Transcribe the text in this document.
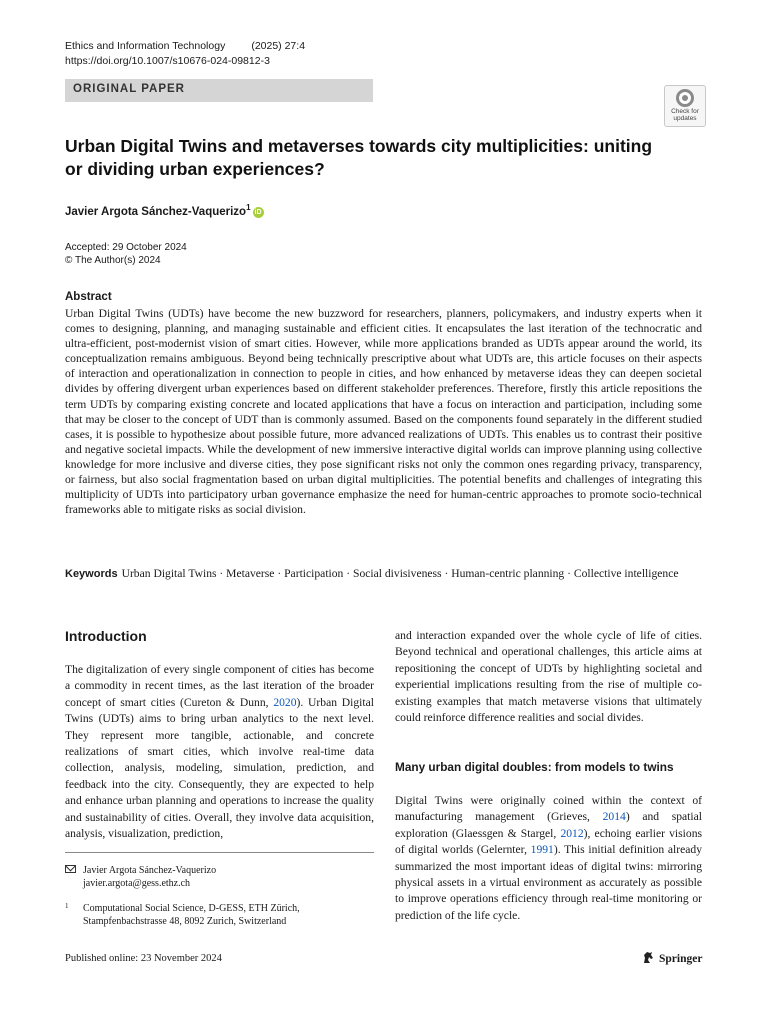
Ethics and Information Technology (2025) 27:4
https://doi.org/10.1007/s10676-024-09812-3
ORIGINAL PAPER
Check for
updates
Urban Digital Twins and metaverses towards city multiplicities: uniting or dividing urban experiences?
Javier Argota Sánchez-Vaquerizo$^1$iD
Accepted: 29 October 2024
© The Author(s) 2024
Abstract
Urban Digital Twins (UDTs) have become the new buzzword for researchers, planners, policymakers, and industry experts when it comes to designing, planning, and managing sustainable and efficient cities. It encapsulates the last iteration of the technocratic and ultra-efficient, post-modernist vision of smart cities. However, while more applications branded as UDTs appear around the world, its conceptualization remains ambiguous. Beyond being technically prescriptive about what UDTs are, this article focuses on their aspects of interaction and operationalization in connection to people in cities, and how enhanced by metaverse ideas they can deepen societal divides by offering divergent urban experiences based on different stakeholder preferences. Therefore, firstly this article repositions the term UDTs by comparing existing concrete and located applications that have a focus on interaction and participation, including some that may be closer to the concept of UDT than is commonly assumed. Based on the components found separately in the different studied cases, it is possible to hypothesize about possible future, more advanced realizations of UDTs. This enables us to contrast their positive and negative societal impacts. While the development of new immersive interactive digital worlds can improve planning using collective knowledge for more inclusive and diverse cities, they pose significant risks not only the common ones regarding privacy, transparency, or fairness, but also social fragmentation based on urban digital multiplicities. The potential benefits and challenges of integrating this multiplicity of UDTs into participatory urban governance emphasize the need for human-centric approaches to promote socio-technical frameworks able to mitigate risks as social division.
Keywords Urban Digital Twins · Metaverse · Participation · Social divisiveness · Human-centric planning · Collective intelligence
Introduction
The digitalization of every single component of cities has become a commodity in recent times, as the last iteration of the broader concept of smart cities (Cureton & Dunn, 2020). Urban Digital Twins (UDTs) aims to bring urban analytics to the next level. They represent more tangible, actionable, and concrete realizations of smart cities, which involve real-time data collection, analysis, modeling, simulation, prediction, and feedback into the city. Consequently, they are expected to help and enhance urban planning and operations to increase the quality and sustainability of cities. Overall, they involve data acquisition, analysis, visualization, prediction,
and interaction expanded over the whole cycle of life of cities. Beyond technical and operational challenges, this article aims at repositioning the concept of UDTs by highlighting societal and experiential implications resulting from the rise of multiple co-existing examples that match metaverse visions that ultimately could reinforce difference realities and social divides.
Many urban digital doubles: from models to twins
Digital Twins were originally coined within the context of manufacturing management (Grieves, 2014) and spatial exploration (Glaessgen & Stargel, 2012), echoing earlier visions of digital worlds (Gelernter, 1991). This initial definition already summarized the most important ideas of digital twins: mirroring physical assets in a virtual environment as accurately as possible to improve operations efficiency through real-time monitoring or prediction of the life cycle.
Javier Argota Sánchez-Vaquerizo
javier.argota@gess.ethz.ch
1 Computational Social Science, D-GESS, ETH Zürich,
Stampfenbachstrasse 48, 8092 Zurich, Switzerland
Published online: 23 November 2024	Springer
